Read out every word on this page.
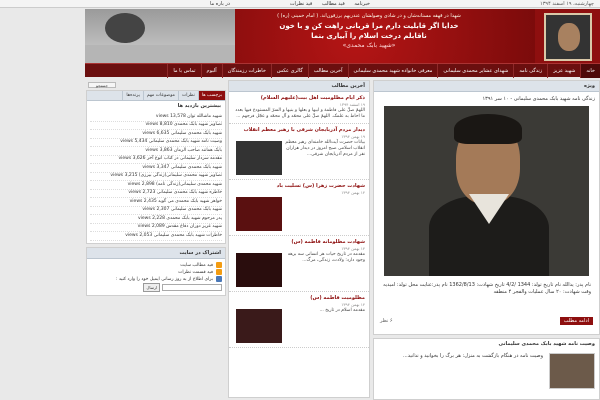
چهارشنبه، ۱۹ اسفند ۱۳۹۴
خبرنامه فید مطالب فید نظرات
در باره ما
شهدا در قهقه مستانه‌شان و در شادی وصولشان عندربهم یرزقون‌اند. ( امام خمینی (ره) )
خدایا اگر قابلیت دارم مرا قربانی راهت کن و با خون
ناقابلم درخت اسلام را آبیاری بنما
«شهید بابک محمدی»
خانه
شهید عزیز
زندگی نامه
شهدای عشایر محمدی سلیمانی
معرفی خانواده شهید محمدی سلیمانی
آخرین مطالب
گالری عکس
خاطرات رزمندگان
آلبوم
تماس با ما
ویژه
زندگی نامه شهید بابک محمدی سلیمانی - ۱۰ سر ۱۳۹۱
نام پدر: یدالله نام تاریخ تولد: 1344 /4/2 تاریخ شهادت: 1362/8/13 نام پدر:عنایت محل تولد: امیدیه وقت شهادت: ۲۰ سال عملیات والفجر ۴ منطقه
ادامه مطلب
۶ نظر
وصیت نامه شهید بابک محمدی سلیمانی
وصیت نامه در هنگام بازگشت به منزل: هر برگ را بخوانید و ندانید...
آخرین مطالب
ذکر ایام مظلومیت اهل بیت(علیهم السلام)
۱۹ اسفند ۱۳۹۴
اللهمّ صلّ علی فاطمة و ابیها و بعلها و بنیها و السرّ المستودع فیها بعدد ما احاط به علمک. اللهمّ صلّ علی محمّد و آل محمّد و عجّل فرجهم ...
دیدار مردم آذربایجان شرقی با رهبر معظم انقلاب
۱۹ بهمن ۱۳۹۴
بیانات حضرت آیت‌الله خامنه‌ای رهبر معظم انقلاب اسلامی صبح امروز در دیدار هزاران نفر از مردم آذربایجان شرقی...
شهادت حضرت زهرا (س) تسلیت باد
۱۴ بهمن ۱۳۹۴
شهادت مظلومانه فاطمه (س)
۱۴ بهمن ۱۳۹۴
مقدمه در تاریخ حیات هر انسانی سه برهه وجود دارد: ولادت، زندگی، مرگ...
مظلومیت فاطمه (س)
۱۴ بهمن ۱۳۹۴
مقدمه اسلام در تاریخ ...
برچسب ها
نظرات
موضوعات مهم
پرنده‌ها
بیشترین بازدید ها
شهید ماشالله توان 13,578 views
تصاویر شهید بابک محمدی 8,810 views
شهید بابک محمدی سلیمانی 6,635 views
وصیت نامه شهید بابک محمدی سلیمانی 5,434 views
بابک همانند صاحب الزمان 3,863 views
مقدمه سردار سلیمانی در کتاب انوع آخر 3,626 views
شهید بابک محمدی سلیمانی 3,347 views
تصاویر شهید محمدی سلیمانی(زندگی بیرزی) 3,215 views
شهید محمدی سلیمانی(زندگی نامه) 2,898 views
خاطره شهید بابک محمدی سلیمانی 2,723 views
خواهر شهید بابک محمدی می گوید 2,435 views
شهید بابک محمدی سلیمانی 2,307 views
پدر مرحوم شهید بابک محمدی 2,228 views
شهید عزیز دوران دفاع مقدس 2,089 views
خاطرات شهید بابک محمدی سلیمانی 2,053 views
اشتراک در سایت
فید مطالب سایت
فید قسمت نظرات
برای اطلاع از به روز رسانی ایمیل خود را وارد کنید :
ارسال
جستجو
